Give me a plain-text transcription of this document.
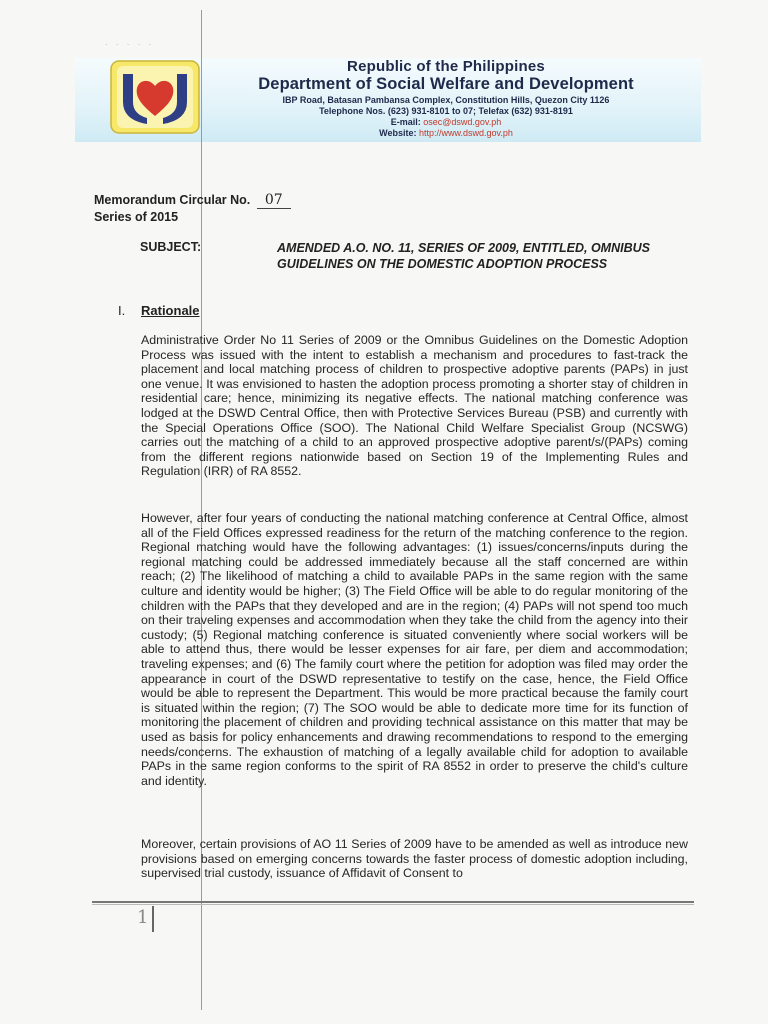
· · · · ·
Republic of the Philippines
Department of Social Welfare and Development
IBP Road, Batasan Pambansa Complex, Constitution Hills, Quezon City 1126
Telephone Nos. (623) 931-8101 to 07; Telefax (632) 931-8191
E-mail: osec@dswd.gov.ph
Website: http://www.dswd.gov.ph
Memorandum Circular No. 07
Series of 2015
SUBJECT:	AMENDED A.O. NO. 11, SERIES OF 2009, ENTITLED, OMNIBUS GUIDELINES ON THE DOMESTIC ADOPTION PROCESS
I. Rationale
Administrative Order No 11 Series of 2009 or the Omnibus Guidelines on the Domestic Adoption Process was issued with the intent to establish a mechanism and procedures to fast-track the placement and local matching process of children to prospective adoptive parents (PAPs) in just one venue. It was envisioned to hasten the adoption process promoting a shorter stay of children in residential care; hence, minimizing its negative effects. The national matching conference was lodged at the DSWD Central Office, then with Protective Services Bureau (PSB) and currently with the Special Operations Office (SOO). The National Child Welfare Specialist Group (NCSWG) carries out the matching of a child to an approved prospective adoptive parent/s/(PAPs) coming from the different regions nationwide based on Section 19 of the Implementing Rules and Regulation (IRR) of RA 8552.
However, after four years of conducting the national matching conference at Central Office, almost all of the Field Offices expressed readiness for the return of the matching conference to the region. Regional matching would have the following advantages: (1) issues/concerns/inputs during the regional matching could be addressed immediately because all the staff concerned are within reach; (2) The likelihood of matching a child to available PAPs in the same region with the same culture and identity would be higher; (3) The Field Office will be able to do regular monitoring of the children with the PAPs that they developed and are in the region; (4) PAPs will not spend too much on their traveling expenses and accommodation when they take the child from the agency into their custody; (5) Regional matching conference is situated conveniently where social workers will be able to attend thus, there would be lesser expenses for air fare, per diem and accommodation; traveling expenses; and (6) The family court where the petition for adoption was filed may order the appearance in court of the DSWD representative to testify on the case, hence, the Field Office would be able to represent the Department. This would be more practical because the family court is situated within the region; (7) The SOO would be able to dedicate more time for its function of monitoring the placement of children and providing technical assistance on this matter that may be used as basis for policy enhancements and drawing recommendations to respond to the emerging needs/concerns. The exhaustion of matching of a legally available child for adoption to available PAPs in the same region conforms to the spirit of RA 8552 in order to preserve the child's culture and identity.
Moreover, certain provisions of AO 11 Series of 2009 have to be amended as well as introduce new provisions based on emerging concerns towards the faster process of domestic adoption including, supervised trial custody, issuance of Affidavit of Consent to
1
